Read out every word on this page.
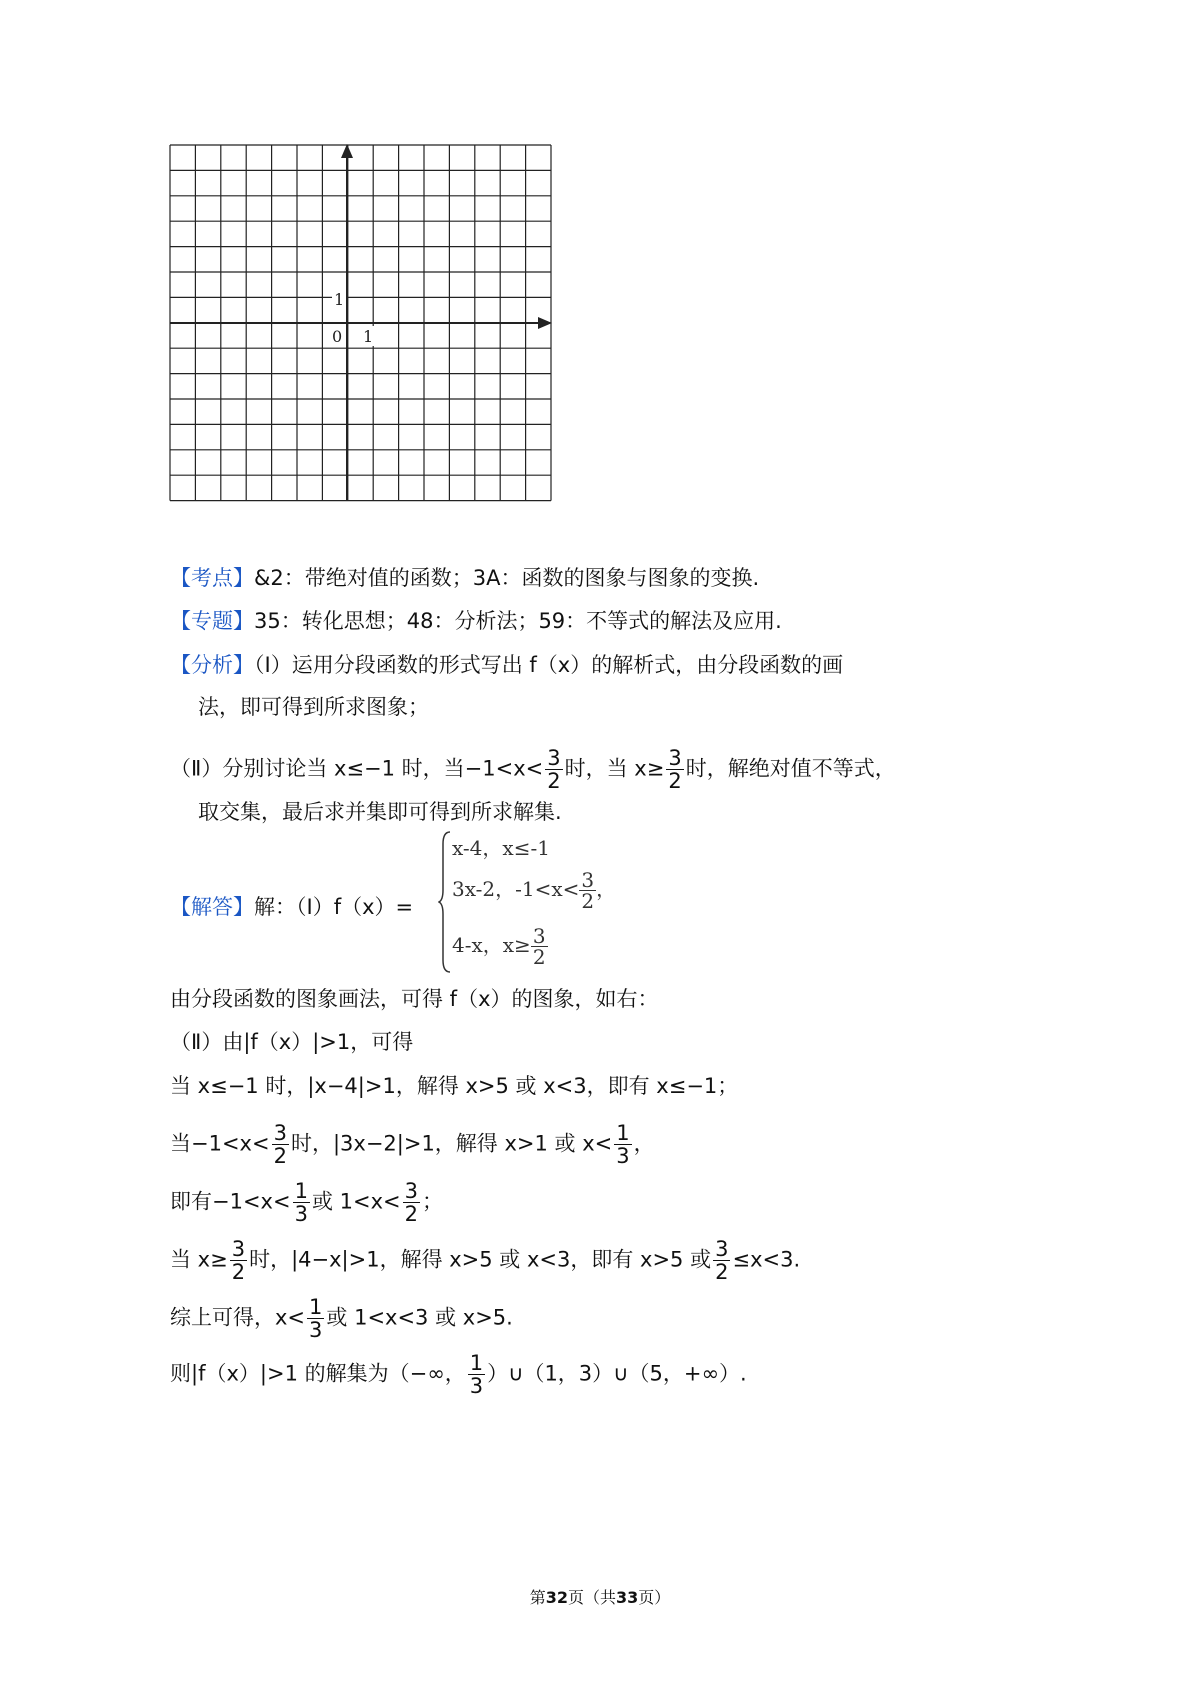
1
0 1
【考点】&2：带绝对值的函数；3A：函数的图象与图象的变换.
【专题】35：转化思想；48：分析法；59：不等式的解法及应用.
【分析】（Ⅰ）运用分段函数的形式写出 f（x）的解析式，由分段函数的画
法，即可得到所求图象；
（Ⅱ）分别讨论当 x≤−1 时，当$-1<x< \frac{3}{2}$ 时，当 $x\ge \frac{3}{2}$ 时，解绝对值不等式，
取交集，最后求并集即可得到所求解集.
【解答】解：（Ⅰ）f（x）=
x-4，x≤-1
3x-2，$-1<x< \frac{3}{2}$ ，
4-x，$x\ge \frac{3}{2}$
由分段函数的图象画法，可得 f（x）的图象，如右：
（Ⅱ）由|f（x）|>1，可得
当 x≤−1 时，|x−4|>1，解得 x>5 或 x<3，即有 x≤−1；
当$-1<x< \frac{3}{2}$ 时，|3x−2|>1，解得 x>1 或 $x< \frac{1}{3}$ ，
即有$-1<x< \frac{1}{3}$ 或 $1<x< \frac{3}{2}$ ；
当 $x\ge \frac{3}{2}$ 时，|4−x|>1，解得 x>5 或 x<3，即有 x>5 或 $\frac{3}{2} \le x<3$.
综上可得，$x< \frac{1}{3}$ 或 1<x<3 或 x>5.
则|f（x）|>1 的解集为（−∞， $\frac{1}{3}$ ）∪（1，3）∪（5，+∞）.
第32页（共33页）
